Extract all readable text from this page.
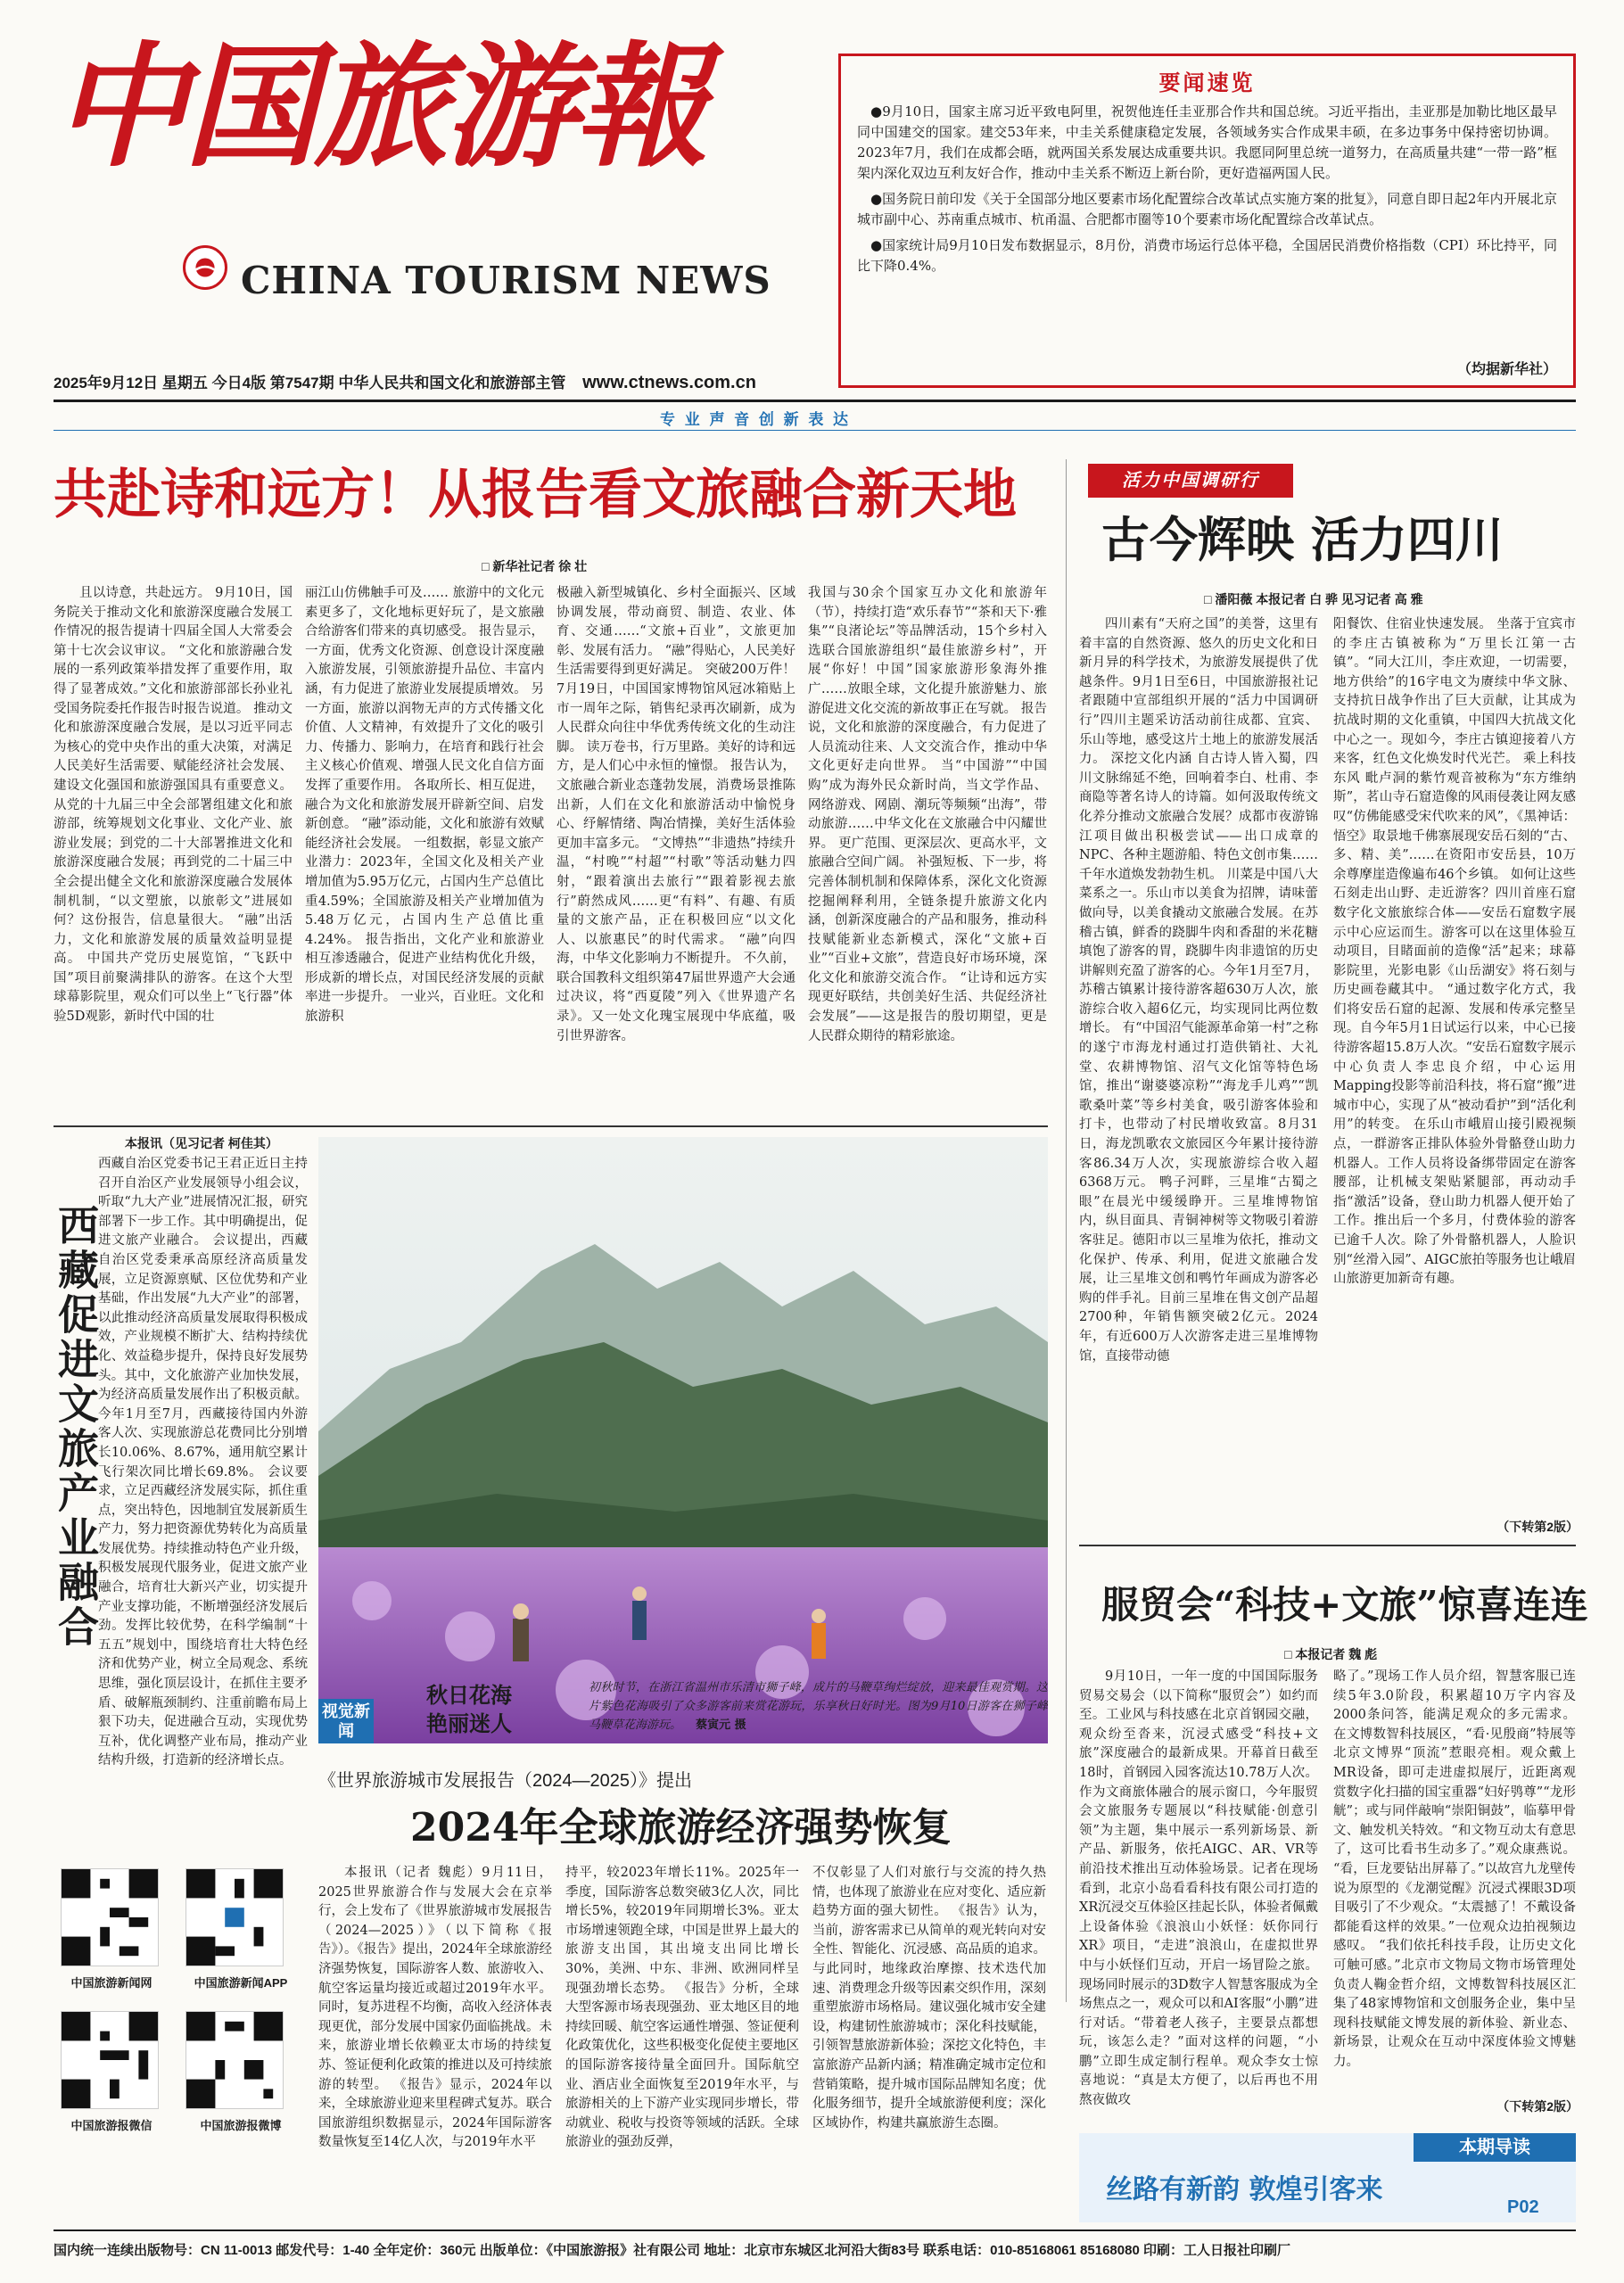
中国旅游報
CHINA TOURISM NEWS
2025年9月12日 星期五 今日4版 第7547期 中华人民共和国文化和旅游部主管 www.ctnews.com.cn
专 业 声 音 创 新 表 达
要闻速览

●9月10日，国家主席习近平致电阿里，祝贺他连任圭亚那合作共和国总统。习近平指出，圭亚那是加勒比地区最早同中国建交的国家。建交53年来，中圭关系健康稳定发展，各领域务实合作成果丰硕，在多边事务中保持密切协调。2023年7月，我们在成都会晤，就两国关系发展达成重要共识。我愿同阿里总统一道努力，在高质量共建“一带一路”框架内深化双边互利友好合作，推动中圭关系不断迈上新台阶，更好造福两国人民。

●国务院日前印发《关于全国部分地区要素市场化配置综合改革试点实施方案的批复》，同意自即日起2年内开展北京城市副中心、苏南重点城市、杭甬温、合肥都市圈等10个要素市场化配置综合改革试点。

●国家统计局9月10日发布数据显示，8月份，消费市场运行总体平稳，全国居民消费价格指数（CPI）环比持平，同比下降0.4%。

（均据新华社）
共赴诗和远方！从报告看文旅融合新天地
□ 新华社记者 徐 壮
且以诗意，共赴远方。 9月10日，国务院关于推动文化和旅游深度融合发展工作情况的报告提请十四届全国人大常委会第十七次会议审议。 “文化和旅游融合发展的一系列政策举措发挥了重要作用，取得了显著成效。”文化和旅游部部长孙业礼受国务院委托作报告时报告说道。 推动文化和旅游深度融合发展，是以习近平同志为核心的党中央作出的重大决策，对满足人民美好生活需要、赋能经济社会发展、建设文化强国和旅游强国具有重要意义。 从党的十九届三中全会部署组建文化和旅游部，统筹规划文化事业、文化产业、旅游业发展；到党的二十大部署推进文化和旅游深度融合发展；再到党的二十届三中全会提出健全文化和旅游深度融合发展体制机制，“以文塑旅，以旅彰文”进展如何？这份报告，信息量很大。 “融”出活力，文化和旅游发展的质量效益明显提高。 中国共产党历史展览馆，“飞跃中国”项目前聚满排队的游客。在这个大型球幕影院里，观众们可以坐上“飞行器”体验5D观影，新时代中国的壮
丽江山仿佛触手可及…… 旅游中的文化元素更多了，文化地标更好玩了，是文旅融合给游客们带来的真切感受。 报告显示，一方面，优秀文化资源、创意设计深度融入旅游发展，引领旅游提升品位、丰富内涵，有力促进了旅游业发展提质增效。 另一方面，旅游以润物无声的方式传播文化价值、人文精神，有效提升了文化的吸引力、传播力、影响力，在培育和践行社会主义核心价值观、增强人民文化自信方面发挥了重要作用。 各取所长、相互促进，融合为文化和旅游发展开辟新空间、启发新创意。 “融”添动能，文化和旅游有效赋能经济社会发展。 一组数据，彰显文旅产业潜力：2023年，全国文化及相关产业增加值为5.95万亿元，占国内生产总值比重4.59%；全国旅游及相关产业增加值为5.48万亿元，占国内生产总值比重4.24%。 报告指出，文化产业和旅游业相互渗透融合，促进产业结构优化升级，形成新的增长点，对国民经济发展的贡献率进一步提升。 一业兴，百业旺。文化和旅游积
极融入新型城镇化、乡村全面振兴、区域协调发展，带动商贸、制造、农业、体育、交通……“文旅+百业”，文旅更加彰、发展有活力。 “融”得贴心，人民美好生活需要得到更好满足。 突破200万件！7月19日，中国国家博物馆风冠冰箱贴上市一周年之际，销售纪录再次刷新，成为人民群众向往中华优秀传统文化的生动注脚。 读万卷书，行万里路。美好的诗和远方，是人们心中永恒的憧憬。 报告认为，文旅融合新业态蓬勃发展，消费场景推陈出新，人们在文化和旅游活动中愉悦身心、纾解情绪、陶冶情操，美好生活体验更加丰富多元。 “文博热”“非遗热”持续升温，“村晚”“村超”“村歌”等活动魅力四射，“跟着演出去旅行”“跟着影视去旅行”蔚然成风……更“有料”、有趣、有质量的文旅产品，正在积极回应“以文化人、以旅惠民”的时代需求。 “融”向四海，中华文化影响力不断提升。 不久前，联合国教科文组织第47届世界遗产大会通过决议，将“西夏陵”列入《世界遗产名录》。又一处文化瑰宝展现中华底蕴，吸引世界游客。
我国与30余个国家互办文化和旅游年（节），持续打造“欢乐春节”“茶和天下·雅集”“良渚论坛”等品牌活动，15个乡村入选联合国旅游组织“最佳旅游乡村”，开展“你好！中国”国家旅游形象海外推广……放眼全球，文化提升旅游魅力、旅游促进文化交流的新故事正在写就。 报告说，文化和旅游的深度融合，有力促进了人员流动往来、人文交流合作，推动中华文化更好走向世界。 当“中国游”“中国购”成为海外民众新时尚，当文学作品、网络游戏、网剧、潮玩等频频“出海”，带动旅游……中华文化在文旅融合中闪耀世界。 更广范围、更深层次、更高水平，文旅融合空间广阔。 补强短板、下一步，将完善体制机制和保障体系，深化文化资源挖掘阐释利用，全链条提升旅游文化内涵，创新深度融合的产品和服务，推动科技赋能新业态新模式，深化“文旅+百业”“百业+文旅”，营造良好市场环境，深化文化和旅游交流合作。 “让诗和远方实现更好联结，共创美好生活、共促经济社会发展”——这是报告的殷切期望，更是人民群众期待的精彩旅途。
西藏促进文旅产业融合
本报讯（见习记者 柯佳其）
西藏自治区党委书记王君正近日主持召开自治区产业发展领导小组会议，听取“九大产业”进展情况汇报，研究部署下一步工作。其中明确提出，促进文旅产业融合。 会议提出，西藏自治区党委秉承高原经济高质量发展，立足资源禀赋、区位优势和产业基础，作出发展“九大产业”的部署，以此推动经济高质量发展取得积极成效，产业规模不断扩大、结构持续优化、效益稳步提升，保持良好发展势头。其中，文化旅游产业加快发展，为经济高质量发展作出了积极贡献。今年1月至7月，西藏接待国内外游客人次、实现旅游总花费同比分别增长10.06%、8.67%，通用航空累计飞行架次同比增长69.8%。 会议要求，立足西藏经济发展实际，抓住重点，突出特色，因地制宜发展新质生产力，努力把资源优势转化为高质量发展优势。持续推动特色产业升级，积极发展现代服务业，促进文旅产业融合，培育壮大新兴产业，切实提升产业支撑功能，不断增强经济发展后劲。发挥比较优势，在科学编制“十五五”规划中，围绕培育壮大特色经济和优势产业，树立全局观念、系统思维，强化顶层设计，在抓住主要矛盾、破解瓶颈制约、注重前瞻布局上狠下功夫，促进融合互动，实现优势互补，优化调整产业布局，推动产业结构升级，打造新的经济增长点。
视觉新闻
秋日花海
艳丽迷人
初秋时节，在浙江省温州市乐清市狮子峰，成片的马鞭草绚烂绽放，迎来最佳观赏期。这片紫色花海吸引了众多游客前来赏花游玩，乐享秋日好时光。图为9月10日游客在狮子峰马鞭草花海游玩。 蔡寅元 摄
《世界旅游城市发展报告（2024—2025）》提出
2024年全球旅游经济强势恢复
本报讯（记者 魏彪）9月11日，2025世界旅游合作与发展大会在京举行，会上发布了《世界旅游城市发展报告（2024—2025）》（以下简称《报告》）。《报告》提出，2024年全球旅游经济强势恢复，国际游客人数、旅游收入、航空客运量均接近或超过2019年水平。同时，复苏进程不均衡，高收入经济体表现更优，部分发展中国家仍面临挑战。未来，旅游业增长依赖亚太市场的持续复苏、签证便利化政策的推进以及可持续旅游的转型。 《报告》显示，2024年以来，全球旅游业迎来里程碑式复苏。联合国旅游组织数据显示，2024年国际游客数量恢复至14亿人次，与2019年水平
持平，较2023年增长11%。2025年一季度，国际游客总数突破3亿人次，同比增长5%，较2019年同期增长3%。亚太市场增速领跑全球，中国是世界上最大的旅游支出国，其出境支出同比增长30%，美洲、中东、非洲、欧洲同样呈现强劲增长态势。 《报告》分析，全球大型客源市场表现强劲、亚太地区目的地持续回暖、航空客运通性增强、签证便利化政策优化，这些积极变化促使主要地区的国际游客接待量全面回升。国际航空业、酒店业全面恢复至2019年水平，与旅游相关的上下游产业实现同步增长，带动就业、税收与投资等领域的活跃。全球旅游业的强劲反弹，
不仅彰显了人们对旅行与交流的持久热情，也体现了旅游业在应对变化、适应新趋势方面的强大韧性。 《报告》认为，当前，游客需求已从简单的观光转向对安全性、智能化、沉浸感、高品质的追求。与此同时，地缘政治摩擦、技术迭代加速、消费理念升级等因素交织作用，深刻重塑旅游市场格局。建议强化城市安全建设，构建韧性旅游城市；深化科技赋能，引领智慧旅游新体验；深挖文化特色，丰富旅游产品新内涵；精准确定城市定位和营销策略，提升城市国际品牌知名度；优化服务细节，提升全域旅游便利度；深化区域协作，构建共赢旅游生态圈。
中国旅游新闻网	中国旅游新闻APP
中国旅游报微信	中国旅游报微博
活力中国调研行
古今辉映 活力四川
□ 潘阳薇 本报记者 白 骅 见习记者 高 雅
四川素有“天府之国”的美誉，这里有着丰富的自然资源、悠久的历史文化和日新月异的科学技术，为旅游发展提供了优越条件。9月1日至6日，中国旅游报社记者跟随中宣部组织开展的“活力中国调研行”四川主题采访活动前往成都、宜宾、乐山等地，感受这片土地上的旅游发展活力。 深挖文化内涵 自古诗人皆入蜀，四川文脉绵延不绝，回响着李白、杜甫、李商隐等著名诗人的诗篇。如何汲取传统文化养分推动文旅融合发展？成都市夜游锦江项目做出积极尝试——出口成章的NPC、各种主题游船、特色文创市集……千年水道焕发勃勃生机。 川菜是中国八大菜系之一。乐山市以美食为招牌，请味蕾做向导，以美食撬动文旅融合发展。在苏稽古镇，鲜香的跷脚牛肉和香甜的米花糖填饱了游客的胃，跷脚牛肉非遗馆的历史讲解则充盈了游客的心。今年1月至7月，苏稽古镇累计接待游客超630万人次，旅游综合收入超6亿元，均实现同比两位数增长。 有“中国沼气能源革命第一村”之称的遂宁市海龙村通过打造供销社、大礼堂、农耕博物馆、沼气文化馆等特色场馆，推出“谢婆婆凉粉”“海龙手儿鸡”“凯歌桑叶菜”等乡村美食，吸引游客体验和打卡，也带动了村民增收致富。8月31日，海龙凯歌农文旅园区今年累计接待游客86.34万人次，实现旅游综合收入超6368万元。 鸭子河畔，三星堆“古蜀之眼”在晨光中缓缓睁开。三星堆博物馆内，纵目面具、青铜神树等文物吸引着游客驻足。德阳市以三星堆为依托，推动文化保护、传承、利用，促进文旅融合发展，让三星堆文创和鸭竹年画成为游客必购的伴手礼。目前三星堆在售文创产品超2700种，年销售额突破2亿元。2024年，有近600万人次游客走进三星堆博物馆，直接带动德
阳餐饮、住宿业快速发展。 坐落于宜宾市的李庄古镇被称为“万里长江第一古镇”。“同大江川，李庄欢迎，一切需要，地方供给”的16字电文为赓续中华文脉、支持抗日战争作出了巨大贡献，让其成为抗战时期的文化重镇，中国四大抗战文化中心之一。现如今，李庄古镇迎接着八方来客，红色文化焕发时代光芒。 乘上科技东风 毗卢洞的紫竹观音被称为“东方维纳斯”，茗山寺石窟造像的风雨侵袭让网友感叹“仿佛能感受宋代吹来的风”，《黑神话：悟空》取景地千佛寨展现安岳石刻的“古、多、精、美”……在资阳市安岳县，10万余尊摩崖造像遍布46个乡镇。 如何让这些石刻走出山野、走近游客？四川首座石窟数字化文旅旅综合体——安岳石窟数字展示中心应运而生。游客可以在这里体验互动项目，目睹面前的造像“活”起来；球幕影院里，光影电影《山岳湖安》将石刻与历史画卷藏其中。 “通过数字化方式，我们将安岳石窟的起源、发展和传承完整呈现。自今年5月1日试运行以来，中心已接待游客超15.8万人次。“安岳石窟数字展示中心负责人李忠良介绍，中心运用Mapping投影等前沿科技，将石窟“搬”进城市中心，实现了从“被动看护”到“活化利用”的转变。 在乐山市峨眉山接引殿视频点，一群游客正排队体验外骨骼登山助力机器人。工作人员将设备绑带固定在游客腰部，让机械支架贴紧腿部，再动动手指“激活”设备，登山助力机器人便开始了工作。推出后一个多月，付费体验的游客已逾千人次。除了外骨骼机器人，人脸识别“丝滑入园”、AIGC旅拍等服务也让峨眉山旅游更加新奇有趣。
（下转第2版）
服贸会“科技+文旅”惊喜连连
□ 本报记者 魏 彪
9月10日，一年一度的中国国际服务贸易交易会（以下简称“服贸会”）如约而至。工业风与科技感在北京首钢园交融，观众纷至沓来，沉浸式感受“科技+文旅”深度融合的最新成果。开幕首日截至18时，首钢园入园客流达10.78万人次。 作为文商旅体融合的展示窗口，今年服贸会文旅服务专题展以“科技赋能·创意引领”为主题，集中展示一系列新场景、新产品、新服务，依托AIGC、AR、VR等前沿技术推出互动体验场景。记者在现场看到，北京小岛看看科技有限公司打造的XR沉浸交互体验区挂起长队，体验者佩戴上设备体验《浪浪山小妖怪：妖你同行XR》项目，“走进”浪浪山，在虚拟世界中与小妖怪们互动，开启一场冒险之旅。 现场同时展示的3D数字人智慧客服成为全场焦点之一，观众可以和AI客服“小鹏”进行对话。“带着老人孩子，主要景点都想玩，该怎么走？”面对这样的问题，“小鹏”立即生成定制行程单。观众李女士惊喜地说：“真是太方便了，以后再也不用熬夜做攻
略了。”现场工作人员介绍，智慧客服已连续5年3.0阶段，积累超10万字内容及2000条问答，能满足观众的多元需求。 在文博数智科技展区，“看·见殷商”特展等北京文博界“顶流”惹眼亮相。观众戴上MR设备，即可走进虚拟展厅，近距离观赏数字化扫描的国宝重器“妇好鸮尊”“龙形觥”；或与同伴敲响“崇阳铜鼓”，临摹甲骨文、触发机关特效。“和文物互动太有意思了，这可比看书生动多了。”观众康燕说。 “看，巨龙要钻出屏幕了。”以故宫九龙壁传说为原型的《龙潮觉醒》沉浸式裸眼3D项目吸引了不少观众。“太震撼了！不戴设备都能看这样的效果。”一位观众边拍视频边感叹。 “我们依托科技手段，让历史文化可触可感。”北京市文物局文物市场管理处负责人鞠金哲介绍，文博数智科技展区汇集了48家博物馆和文创服务企业，集中呈现科技赋能文博发展的新体验、新业态、新场景，让观众在互动中深度体验文博魅力。
（下转第2版）
本期导读
丝路有新韵 敦煌引客来
P02
国内统一连续出版物号：CN 11-0013 邮发代号：1-40 全年定价：360元 出版单位：《中国旅游报》社有限公司 地址：北京市东城区北河沿大街83号 联系电话：010-85168061 85168080 印刷：工人日报社印刷厂
